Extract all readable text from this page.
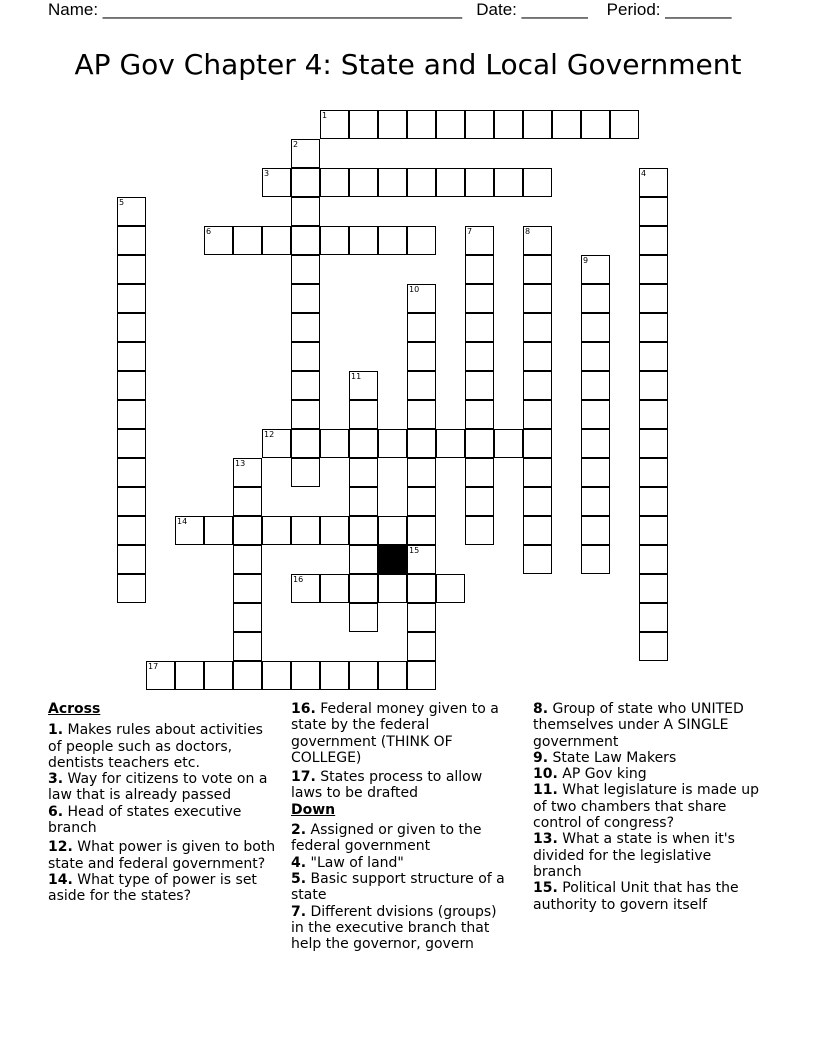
Name: ______________________________________   Date: _______    Period: _______
AP Gov Chapter 4: State and Local Government
1
2
3	4
5
6	7	8
9
10
11
12
13
14
15
16
17

Across

1. Makes rules about activities of people such as doctors, dentists teachers etc.

3. Way for citizens to vote on a law that is already passed

6. Head of states executive branch

12. What power is given to both state and federal government?

14. What type of power is set aside for the states?

16. Federal money given to a state by the federal government (THINK OF COLLEGE)

17. States process to allow laws to be drafted

Down

2. Assigned or given to the federal government

4. "Law of land"

5. Basic support structure of a state

7. Different dvisions (groups) in the executive branch that help the governor, govern

8. Group of state who UNITED themselves under A SINGLE government

9. State Law Makers

10. AP Gov king

11. What legislature is made up of two chambers that share control of congress?

13. What a state is when it's divided for the legislative branch

15. Political Unit that has the authority to govern itself
